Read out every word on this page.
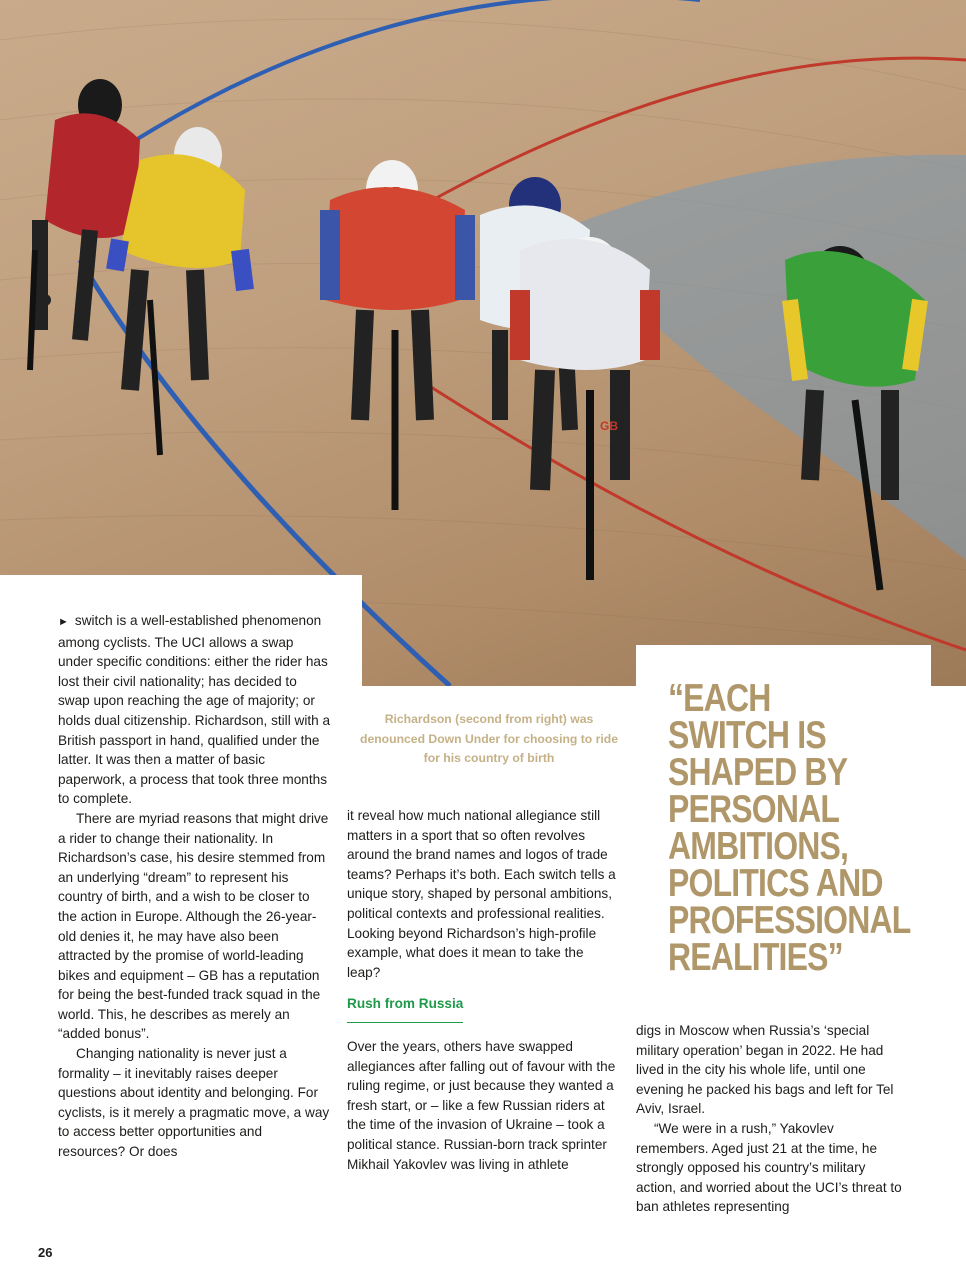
GB
Richardson (second from right) was denounced Down Under for choosing to ride for his country of birth
“EACH
SWITCH IS
SHAPED BY
PERSONAL
AMBITIONS,
POLITICS AND
PROFESSIONAL
REALITIES”

► switch is a well-established phenomenon among cyclists. The UCI allows a swap under specific conditions: either the rider has lost their civil nationality; has decided to swap upon reaching the age of majority; or holds dual citizenship. Richardson, still with a British passport in hand, qualified under the latter. It was then a matter of basic paperwork, a process that took three months to complete.

There are myriad reasons that might drive a rider to change their nationality. In Richardson’s case, his desire stemmed from an underlying “dream” to represent his country of birth, and a wish to be closer to the action in Europe. Although the 26-year-old denies it, he may have also been attracted by the promise of world-leading bikes and equipment – GB has a reputation for being the best-funded track squad in the world. This, he describes as merely an “added bonus”.

Changing nationality is never just a formality – it inevitably raises deeper questions about identity and belonging. For cyclists, is it merely a pragmatic move, a way to access better opportunities and resources? Or does

it reveal how much national allegiance still matters in a sport that so often revolves around the brand names and logos of trade teams? Perhaps it’s both. Each switch tells a unique story, shaped by personal ambitions, political contexts and professional realities. Looking beyond Richardson’s high-profile example, what does it mean to take the leap?

Rush from Russia

Over the years, others have swapped allegiances after falling out of favour with the ruling regime, or just because they wanted a fresh start, or – like a few Russian riders at the time of the invasion of Ukraine – took a political stance. Russian-born track sprinter Mikhail Yakovlev was living in athlete

digs in Moscow when Russia’s ‘special military operation’ began in 2022. He had lived in the city his whole life, until one evening he packed his bags and left for Tel Aviv, Israel.

“We were in a rush,” Yakovlev remembers. Aged just 21 at the time, he strongly opposed his country’s military action, and worried about the UCI’s threat to ban athletes representing

26
